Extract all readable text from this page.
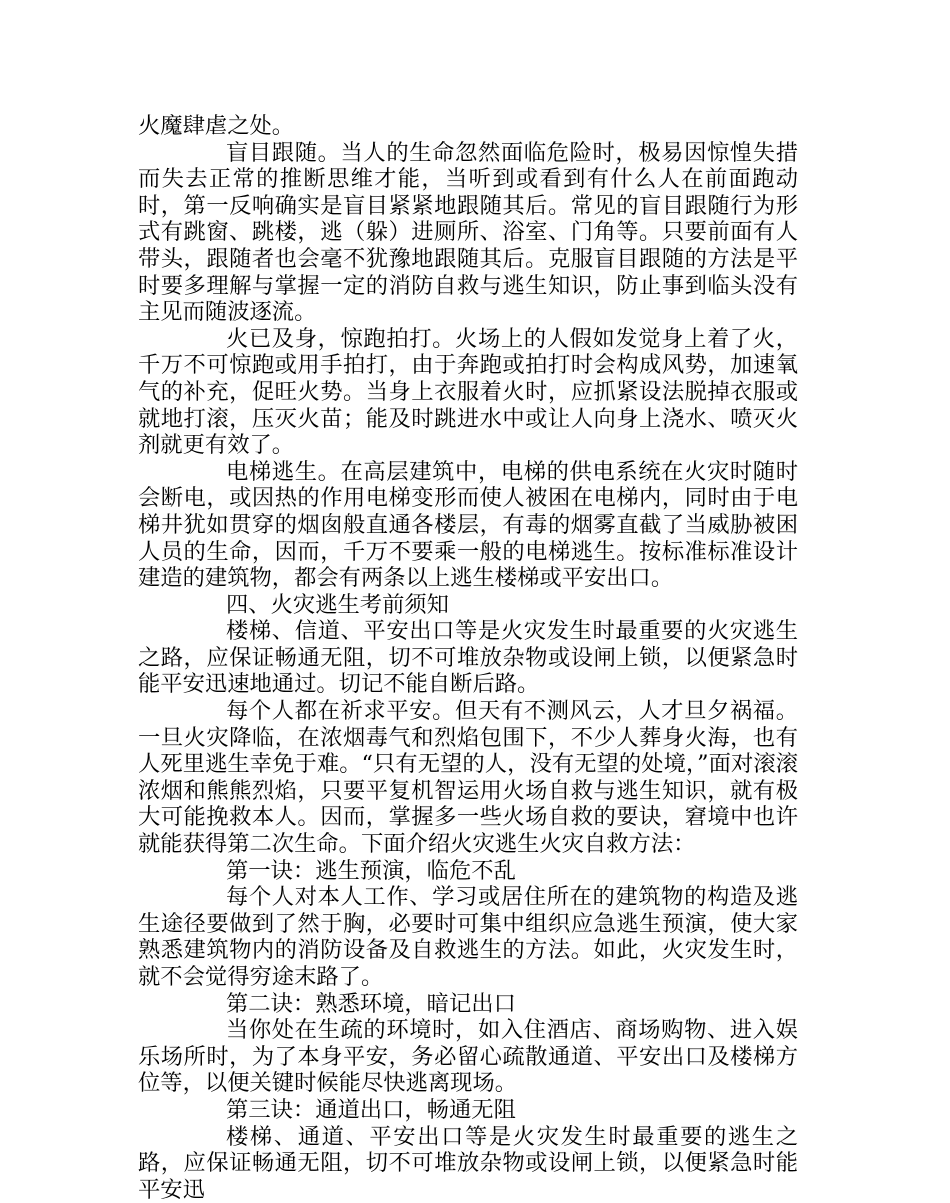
火魔肆虐之处。

盲目跟随。当人的生命忽然面临危险时，极易因惊惶失措而失去正常的推断思维才能，当听到或看到有什么人在前面跑动时，第一反响确实是盲目紧紧地跟随其后。常见的盲目跟随行为形式有跳窗、跳楼，逃（躲）进厕所、浴室、门角等。只要前面有人带头，跟随者也会毫不犹豫地跟随其后。克服盲目跟随的方法是平时要多理解与掌握一定的消防自救与逃生知识，防止事到临头没有主见而随波逐流。

火已及身，惊跑拍打。火场上的人假如发觉身上着了火，千万不可惊跑或用手拍打，由于奔跑或拍打时会构成风势，加速氧气的补充，促旺火势。当身上衣服着火时，应抓紧设法脱掉衣服或就地打滚，压灭火苗；能及时跳进水中或让人向身上浇水、喷灭火剂就更有效了。

电梯逃生。在高层建筑中，电梯的供电系统在火灾时随时会断电，或因热的作用电梯变形而使人被困在电梯内，同时由于电梯井犹如贯穿的烟囱般直通各楼层，有毒的烟雾直截了当威胁被困人员的生命，因而，千万不要乘一般的电梯逃生。按标准标准设计建造的建筑物，都会有两条以上逃生楼梯或平安出口。

四、火灾逃生考前须知

楼梯、信道、平安出口等是火灾发生时最重要的火灾逃生之路，应保证畅通无阻，切不可堆放杂物或设闸上锁，以便紧急时能平安迅速地通过。切记不能自断后路。

每个人都在祈求平安。但天有不测风云，人才旦夕祸福。一旦火灾降临，在浓烟毒气和烈焰包围下，不少人葬身火海，也有人死里逃生幸免于难。“只有无望的人，没有无望的处境，”面对滚滚浓烟和熊熊烈焰，只要平复机智运用火场自救与逃生知识，就有极大可能挽救本人。因而，掌握多一些火场自救的要诀，窘境中也许就能获得第二次生命。下面介绍火灾逃生火灾自救方法：

第一诀：逃生预演，临危不乱

每个人对本人工作、学习或居住所在的建筑物的构造及逃生途径要做到了然于胸，必要时可集中组织应急逃生预演，使大家熟悉建筑物内的消防设备及自救逃生的方法。如此，火灾发生时，就不会觉得穷途末路了。

第二诀：熟悉环境，暗记出口

当你处在生疏的环境时，如入住酒店、商场购物、进入娱乐场所时，为了本身平安，务必留心疏散通道、平安出口及楼梯方位等，以便关键时候能尽快逃离现场。

第三诀：通道出口，畅通无阻

楼梯、通道、平安出口等是火灾发生时最重要的逃生之路，应保证畅通无阻，切不可堆放杂物或设闸上锁，以便紧急时能平安迅
